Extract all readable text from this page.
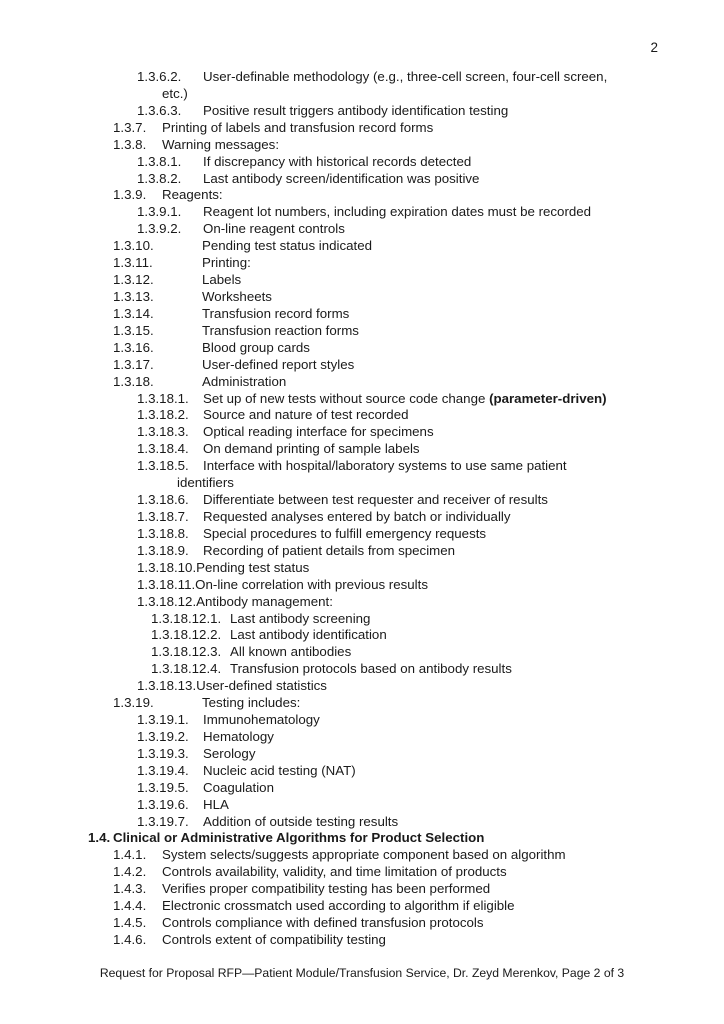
2
1.3.6.2.	User-definable methodology (e.g., three-cell screen, four-cell screen,
etc.)
1.3.6.3.	Positive result triggers antibody identification testing
1.3.7.	Printing of labels and transfusion record forms
1.3.8.	Warning messages:
1.3.8.1.	If discrepancy with historical records detected
1.3.8.2.	Last antibody screen/identification was positive
1.3.9.	Reagents:
1.3.9.1.	Reagent lot numbers, including expiration dates must be recorded
1.3.9.2.	On-line reagent controls
1.3.10.	Pending test status indicated
1.3.11.	Printing:
1.3.12.	Labels
1.3.13.	Worksheets
1.3.14.	Transfusion record forms
1.3.15.	Transfusion reaction forms
1.3.16.	Blood group cards
1.3.17.	User-defined report styles
1.3.18.	Administration
1.3.18.1.	Set up of new tests without source code change (parameter-driven)
1.3.18.2.	Source and nature of test recorded
1.3.18.3.	Optical reading interface for specimens
1.3.18.4.	On demand printing of sample labels
1.3.18.5.	Interface with hospital/laboratory systems to use same patient
identifiers
1.3.18.6.	Differentiate between test requester and receiver of results
1.3.18.7.	Requested analyses entered by batch or individually
1.3.18.8.	Special procedures to fulfill emergency requests
1.3.18.9.	Recording of patient details from specimen
1.3.18.10. Pending test status
1.3.18.11. On-line correlation with previous results
1.3.18.12. Antibody management:
1.3.18.12.1. Last antibody screening
1.3.18.12.2. Last antibody identification
1.3.18.12.3. All known antibodies
1.3.18.12.4. Transfusion protocols based on antibody results
1.3.18.13. User-defined statistics
1.3.19.	Testing includes:
1.3.19.1.	Immunohematology
1.3.19.2.	Hematology
1.3.19.3.	Serology
1.3.19.4.	Nucleic acid testing (NAT)
1.3.19.5.	Coagulation
1.3.19.6.	HLA
1.3.19.7.	Addition of outside testing results
1.4. Clinical or Administrative Algorithms for Product Selection
1.4.1.	System selects/suggests appropriate component based on algorithm
1.4.2.	Controls availability, validity, and time limitation of products
1.4.3.	Verifies proper compatibility testing has been performed
1.4.4.	Electronic crossmatch used according to algorithm if eligible
1.4.5.	Controls compliance with defined transfusion protocols
1.4.6.	Controls extent of compatibility testing
Request for Proposal RFP—Patient Module/Transfusion Service, Dr. Zeyd Merenkov, Page 2 of 3
